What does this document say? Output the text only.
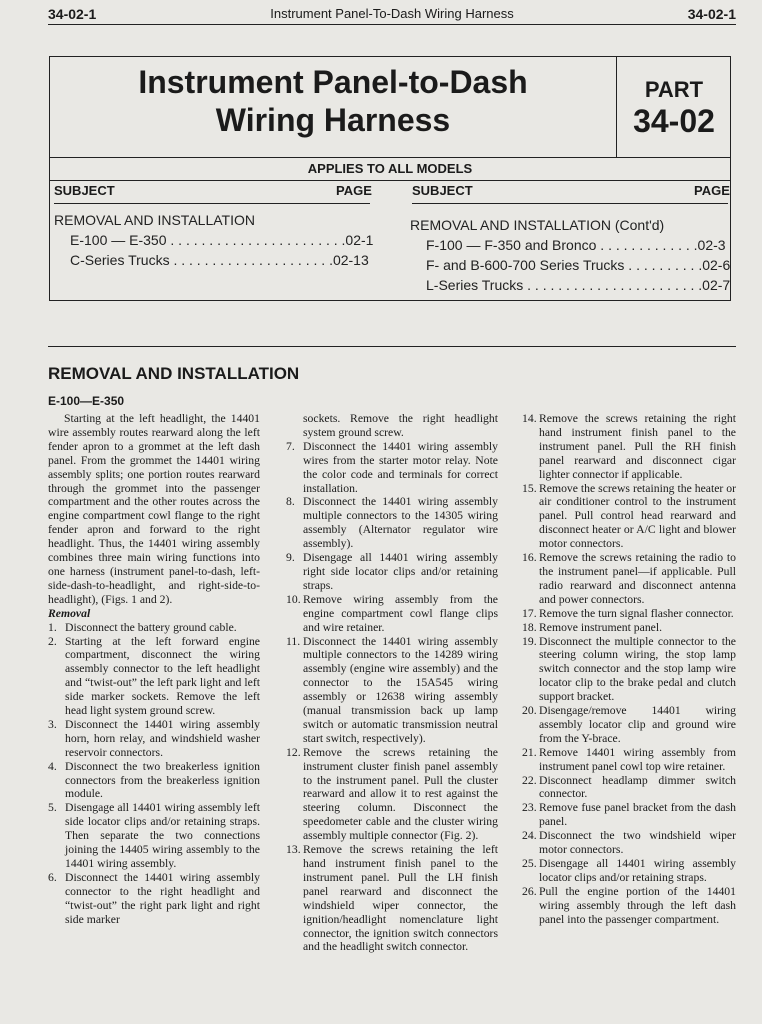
34-02-1	Instrument Panel-To-Dash Wiring Harness	34-02-1
Instrument Panel-to-Dash
Wiring Harness
PART
34-02
APPLIES TO ALL MODELS
SUBJECT	PAGE	SUBJECT	PAGE
REMOVAL AND INSTALLATION
E-100 — E-350 . . . . . . . . . . . . . . . . . . . . . . .02-1
C-Series Trucks . . . . . . . . . . . . . . . . . . . . .02-13
REMOVAL AND INSTALLATION (Cont'd)
F-100 — F-350 and Bronco . . . . . . . . . . . . .02-3
F- and B-600-700 Series Trucks . . . . . . . . . .02-6
L-Series Trucks . . . . . . . . . . . . . . . . . . . . . . .02-7
REMOVAL AND INSTALLATION
E-100—E-350

Starting at the left headlight, the 14401 wire assembly routes rearward along the left fender apron to a grommet at the left dash panel. From the grommet the 14401 wiring assembly splits; one portion routes rearward through the grommet into the passenger compartment and the other routes across the engine compartment cowl flange to the right fender apron and forward to the right headlight. Thus, the 14401 wiring assembly combines three main wiring functions into one harness (instrument panel-to-dash, left-side-dash-to-headlight, and right-side-to-headlight), (Figs. 1 and 2).

Removal
1. Disconnect the battery ground cable.
2. Starting at the left forward engine compartment, disconnect the wiring assembly connector to the left headlight and “twist-out” the left park light and left side marker sockets. Remove the left head light system ground screw.
3. Disconnect the 14401 wiring assembly horn, horn relay, and windshield washer reservoir connectors.
4. Disconnect the two breakerless ignition connectors from the breakerless ignition module.
5. Disengage all 14401 wiring assembly left side locator clips and/or retaining straps. Then separate the two connections joining the 14405 wiring assembly to the 14401 wiring assembly.
6. Disconnect the 14401 wiring assembly connector to the right headlight and “twist-out” the right park light and right side marker

sockets. Remove the right headlight system ground screw.

7. Disconnect the 14401 wiring assembly wires from the starter motor relay. Note the color code and terminals for correct installation.
8. Disconnect the 14401 wiring assembly multiple connectors to the 14305 wiring assembly (Alternator regulator wire assembly).
9. Disengage all 14401 wiring assembly right side locator clips and/or retaining straps.
10. Remove wiring assembly from the engine compartment cowl flange clips and wire retainer.
11. Disconnect the 14401 wiring assembly multiple connectors to the 14289 wiring assembly (engine wire assembly) and the connector to the 15A545 wiring assembly or 12638 wiring assembly (manual transmission back up lamp switch or automatic transmission neutral start switch, respectively).
12. Remove the screws retaining the instrument cluster finish panel assembly to the instrument panel. Pull the cluster rearward and allow it to rest against the steering column. Disconnect the speedometer cable and the cluster wiring assembly multiple connector (Fig. 2).
13. Remove the screws retaining the left hand instrument finish panel to the instrument panel. Pull the LH finish panel rearward and disconnect the windshield wiper connector, the ignition/headlight nomenclature light connector, the ignition switch connectors and the headlight switch connector.
14. Remove the screws retaining the right hand instrument finish panel to the instrument panel. Pull the RH finish panel rearward and disconnect cigar lighter connector if applicable.
15. Remove the screws retaining the heater or air conditioner control to the instrument panel. Pull control head rearward and disconnect heater or A/C light and blower motor connectors.
16. Remove the screws retaining the radio to the instrument panel—if applicable. Pull radio rearward and disconnect antenna and power connectors.
17. Remove the turn signal flasher connector.
18. Remove instrument panel.
19. Disconnect the multiple connector to the steering column wiring, the stop lamp switch connector and the stop lamp wire locator clip to the brake pedal and clutch support bracket.
20. Disengage/remove 14401 wiring assembly locator clip and ground wire from the Y-brace.
21. Remove 14401 wiring assembly from instrument panel cowl top wire retainer.
22. Disconnect headlamp dimmer switch connector.
23. Remove fuse panel bracket from the dash panel.
24. Disconnect the two windshield wiper motor connectors.
25. Disengage all 14401 wiring assembly locator clips and/or retaining straps.
26. Pull the engine portion of the 14401 wiring assembly through the left dash panel into the passenger compartment.
